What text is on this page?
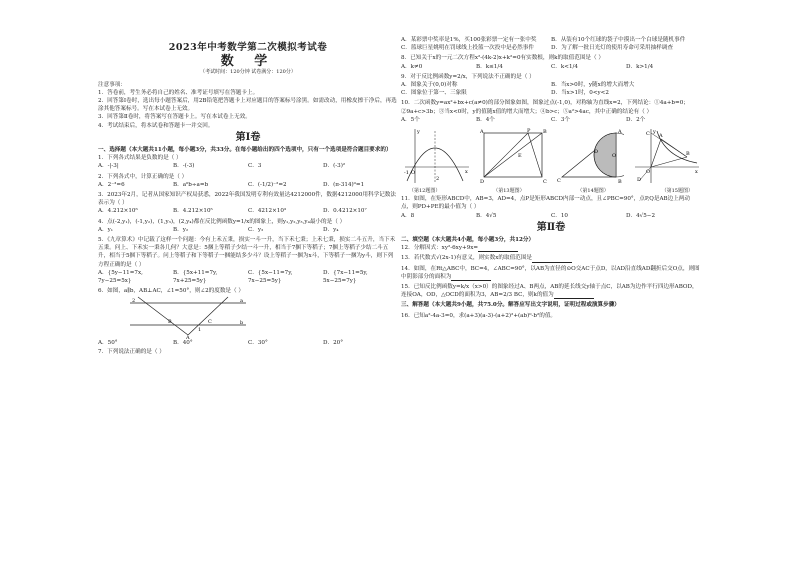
2023年中考数学第二次模拟考试卷
数 学
（考试时间：120分钟 试卷满分：120分）
注意事项：
1．答卷前，考生务必将自己的姓名、准考证号填写在答题卡上。
2．回答第Ⅰ卷时，选出每小题答案后，用2B铅笔把答题卡上对应题目的答案标号涂黑。如需改动，用橡皮擦干净后，再选涂其他答案标号。写在本试卷上无效。
3．回答第Ⅱ卷时，将答案写在答题卡上。写在本试卷上无效。
4．考试结束后，将本试卷和答题卡一并交回。
第Ⅰ卷
一、选择题（本大题共11小题，每小题3分，共33分。在每小题给出的四个选项中，只有一个选项是符合题目要求的）
1．下列各式结果是负数的是（ ）
A．-|-3|	B．-(-3)	C．3	D．(-3)²
2．下列各式中，计算正确的是（ ）
A．2⁻³=6	B．a⁰b÷a=b	C．(-1/2)⁻²=2	D．(π-314)⁰=1
3．2023年2月，记者从国家知识产权局获悉，2022年我国发明专利有效量达4212000件，数据4212000用科学记数法表示为（ ）
A．4.212×10⁶	B．4.212×10⁵	C．4212×10³	D．0.4212×10⁷
4．点(-2,y₁)，(-1,y₂)，(1,y₃)，(2,y₄)都在反比例函数y=1/x的图象上，则y₁,y₂,y₃,y₄最小的是（ ）
A．y₁	B．y₂	C．y₃	D．y₄
5．《九章算术》中记载了这样一个问题：今有上禾五秉，损实一斗一升，当下禾七秉；上禾七秉，损实二斗五升，当下禾五秉。问上、下禾实一秉各几何？大意是：5捆上等稻子少结一斗一升，相当于7捆下等稻子；7捆上等稻子少结二斗五升，相当于5捆下等稻子。问上等稻子和下等稻子一捆能结多少斗？设上等稻子一捆为x斗，下等稻子一捆为y斗，则下列方程正确的是（ ）
A．{5y−11=7x, 7y−25=5x}
B．{5x+11=7y, 7x+25=5y}
C．{5x−11=7y, 7x−25=5y}
D．{7x−11=5y, 5x−25=7y}
6．如图，a∥b，AB⊥AC，∠1=50°，则∠2的度数是（ ）
2	a
b
B	C
A
1
A．50°	B．40°	C．30°	D．20°
7．下列说法正确的是（ ）
A．某彩票中奖率是1%，买100张彩票一定有一张中奖	B．从装有10个红球的袋子中摸出一个白球是随机事件
C．篮球巨星姚明在罚球线上投篮一次投中是必然事件	D．为了解一批日光灯的使用寿命可采用抽样调查
8．已知关于x的一元二次方程x²-(4k-2)x+k²=0有实数根，则k的取值范围是（ ）
A．k≠0	B．k≤1/4	C．k<1/4	D．k>1/4
9．对于反比例函数y=2/x，下列说法不正确的是（ ）
A．图象关于(0,0)对称	B．当x>0时，y随x的增大而增大
C．图象位于第一、三象限	D．当x>1时，0<y<2
10．二次函数y=ax²+bx+c(a≠0)的部分图象如图，图象过点(-1,0)，对称轴为直线x=2，下列结论：①4a+b=0；②9a+c>3b；③当x<0时，y的值随x值的增大而增大；④b>c；⑤a²>4ac，其中正确的结论有（ ）
A．5个	B．4个	C．3个	D．2个
O	x
y
2
-1
A	P	B
D	C
E
C
A
B
D
O
O	x
y
A
B
C
D
（第12题图）	（第13题图）	（第14题图）	（第15题图）
11．如图，在矩形ABCD中，AB=3，AD=4，点P是矩形ABCD内部一动点，且∠PBC=90°，点P,Q是AB边上两动点，则PD+PE的最小值为（ ）
A．8	B．4√5	C．10	D．4√5−2
第Ⅱ卷
二、填空题（本大题共4小题，每小题3分，共12分）
12．分解因式：xy²-6xy+9x=
13．若代数式√(2x-1)有意义，则实数x的取值范围是
14．如图，在Rt△ABC中，BC=4，∠ABC=90°，以AB为直径的⊙O交AC于点D，以AD沿直线AD翻折后交O点，则图中阴影部分的面积为
15．已知反比例函数y=k/x（x>0）的图象经过A、B两点，AB的延长线交y轴于点C，以AB为边作平行四边形ABOD，连接OA，OD，△OCD的面积为3，AB=2/3 BC，则k的值为
三、解答题（本大题共9小题，共75.0分。解答应写出文字说明，证明过程或演算步骤）
16．已知a²-4a-3=0，求(a+3)(a-3)-(a+2)²+(ab)⁰-b²的值。
